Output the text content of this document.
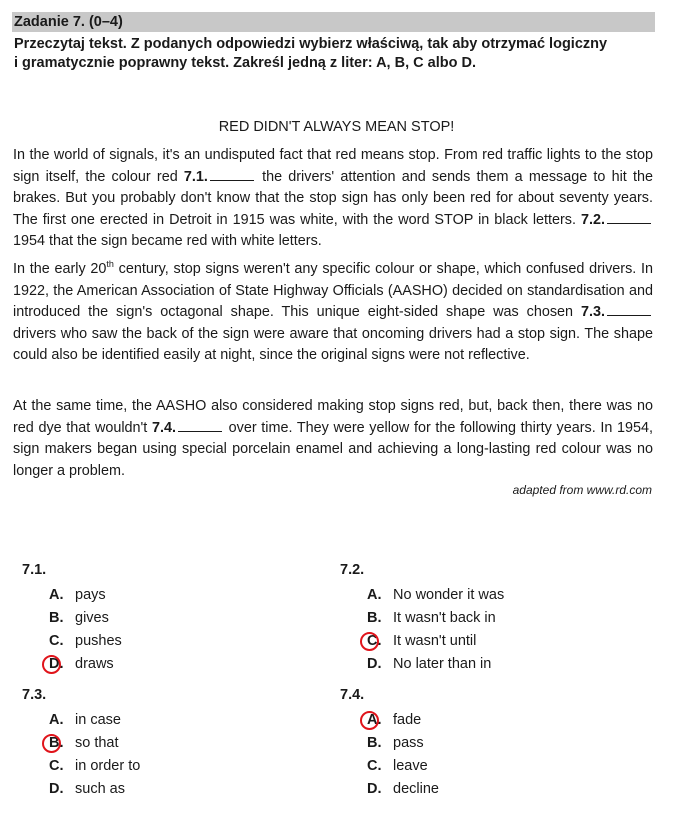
Zadanie 7. (0–4)
Przeczytaj tekst. Z podanych odpowiedzi wybierz właściwą, tak aby otrzymać logiczny
i gramatycznie poprawny tekst. Zakreśl jedną z liter: A, B, C albo D.
RED DIDN'T ALWAYS MEAN STOP!

In the world of signals, it's an undisputed fact that red means stop. From red traffic lights to the stop sign itself, the colour red 7.1.	the drivers' attention and sends them a message to hit the brakes. But you probably don't know that the stop sign has only been red for about seventy years. The first one erected in Detroit in 1915 was white, with the word STOP in black letters. 7.2. 1954 that the sign became red with white letters.

In the early 20th century, stop signs weren't any specific colour or shape, which confused drivers. In 1922, the American Association of State Highway Officials (AASHO) decided on standardisation and introduced the sign's octagonal shape. This unique eight-sided shape was chosen 7.3. drivers who saw the back of the sign were aware that oncoming drivers had a stop sign. The shape could also be identified easily at night, since the original signs were not reflective.

At the same time, the AASHO also considered making stop signs red, but, back then, there was no red dye that wouldn't 7.4.	over time. They were yellow for the following thirty years. In 1954, sign makers began using special porcelain enamel and achieving a long-lasting red colour was no longer a problem.

adapted from www.rd.com
7.1.
A. pays
B. gives
C. pushes
D. draws
7.2.
A. No wonder it was
B. It wasn't back in
C. It wasn't until
D. No later than in
7.3.
A. in case
B. so that
C. in order to
D. such as
7.4.
A. fade
B. pass
C. leave
D. decline
